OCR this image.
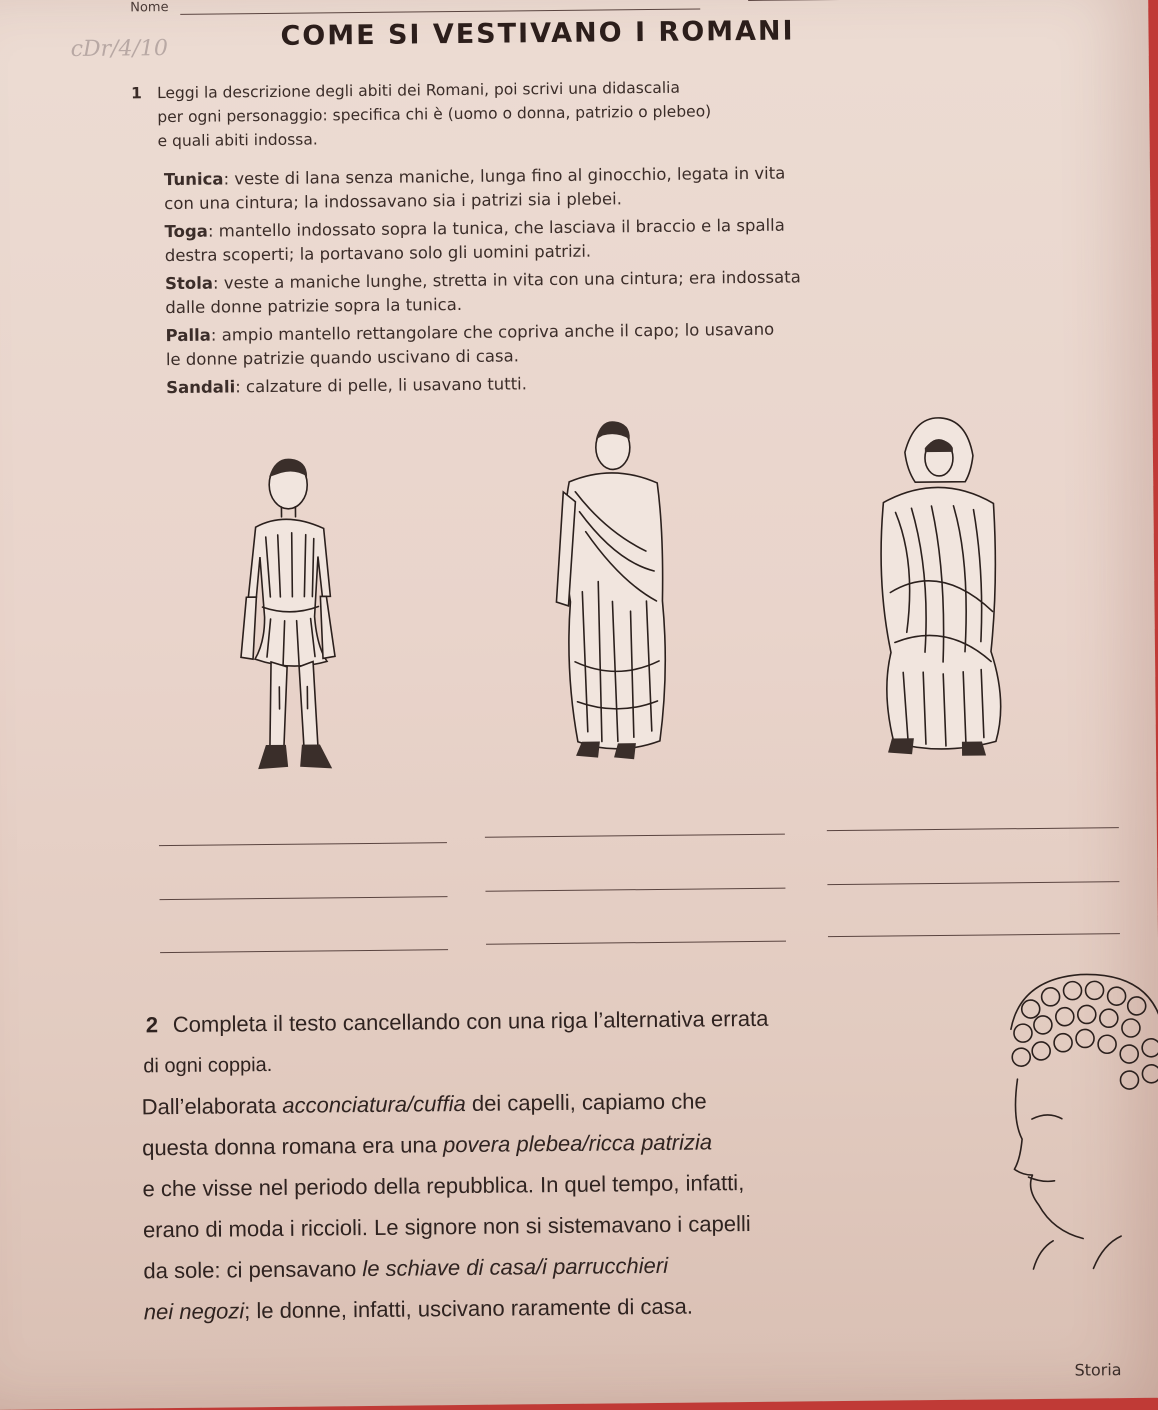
Nome
cDr/4/10	COME SI VESTIVANO I ROMANI
1 Leggi la descrizione degli abiti dei Romani, poi scrivi una didascalia
per ogni personaggio: specifica chi è (uomo o donna, patrizio o plebeo)
e quali abiti indossa.
Tunica: veste di lana senza maniche, lunga fino al ginocchio, legata in vita
con una cintura; la indossavano sia i patrizi sia i plebei.
Toga: mantello indossato sopra la tunica, che lasciava il braccio e la spalla
destra scoperti; la portavano solo gli uomini patrizi.
Stola: veste a maniche lunghe, stretta in vita con una cintura; era indossata
dalle donne patrizie sopra la tunica.
Palla: ampio mantello rettangolare che copriva anche il capo; lo usavano
le donne patrizie quando uscivano di casa.
Sandali: calzature di pelle, li usavano tutti.
2 Completa il testo cancellando con una riga l’alternativa errata
di ogni coppia.
Dall’elaborata acconciatura/cuffia dei capelli, capiamo che
questa donna romana era una povera plebea/ricca patrizia
e che visse nel periodo della repubblica. In quel tempo, infatti,
erano di moda i riccioli. Le signore non si sistemavano i capelli
da sole: ci pensavano le schiave di casa/i parrucchieri
nei negozi; le donne, infatti, uscivano raramente di casa.
Storia
